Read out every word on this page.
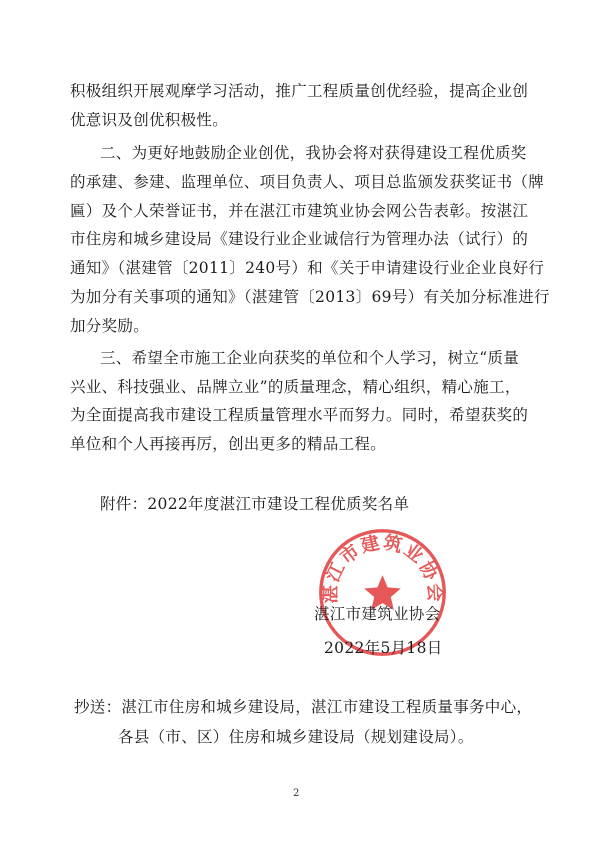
积极组织开展观摩学习活动，推广工程质量创优经验，提高企业创
优意识及创优积极性。
二、为更好地鼓励企业创优，我协会将对获得建设工程优质奖
的承建、参建、监理单位、项目负责人、项目总监颁发获奖证书（牌
匾）及个人荣誉证书，并在湛江市建筑业协会网公告表彰。按湛江
市住房和城乡建设局《建设行业企业诚信行为管理办法（试行）的
通知》（湛建管〔2011〕240号）和《关于申请建设行业企业良好行
为加分有关事项的通知》（湛建管〔2013〕69号）有关加分标准进行
加分奖励。
三、希望全市施工企业向获奖的单位和个人学习，树立“质量
兴业、科技强业、品牌立业”的质量理念，精心组织，精心施工，
为全面提高我市建设工程质量管理水平而努力。同时，希望获奖的
单位和个人再接再厉，创出更多的精品工程。
附件：2022年度湛江市建设工程优质奖名单
湛江市建筑业协会
湛江市建筑业协会
2022年5月18日
抄送：湛江市住房和城乡建设局，湛江市建设工程质量事务中心，
各县（市、区）住房和城乡建设局（规划建设局）。
2
